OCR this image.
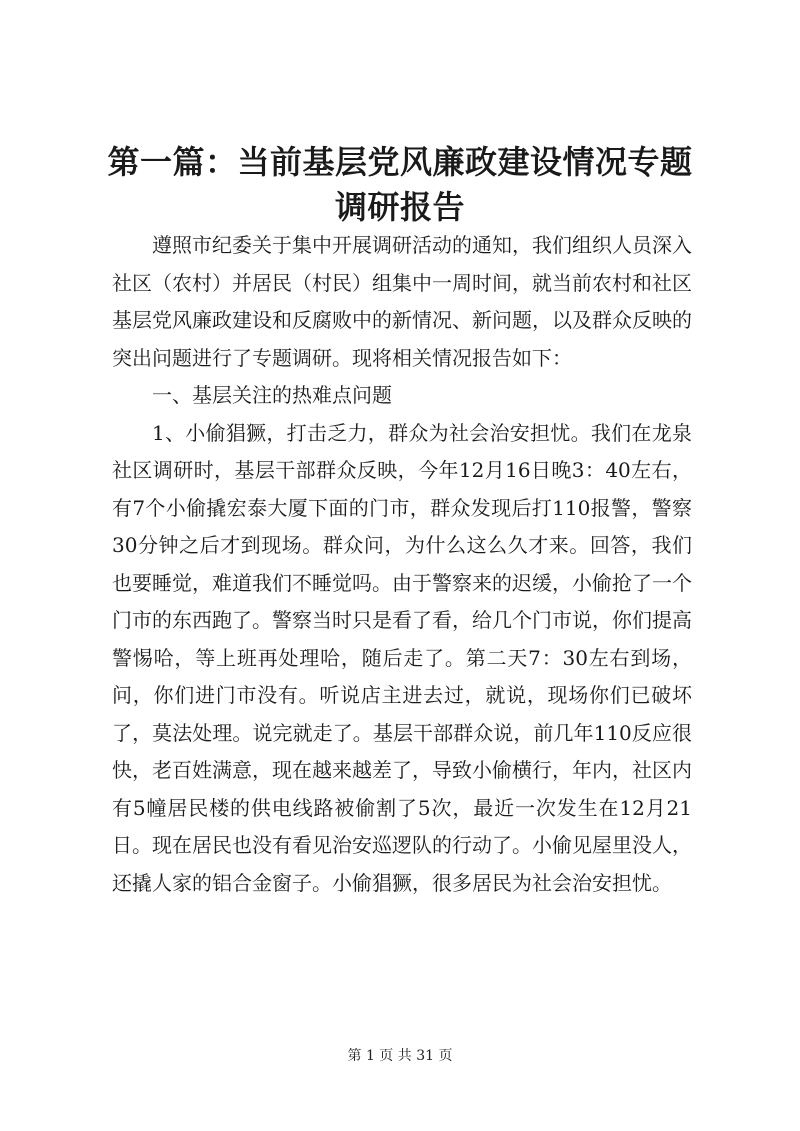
第一篇：当前基层党风廉政建设情况专题调研报告

遵照市纪委关于集中开展调研活动的通知，我们组织人员深入社区（农村）并居民（村民）组集中一周时间，就当前农村和社区基层党风廉政建设和反腐败中的新情况、新问题，以及群众反映的突出问题进行了专题调研。现将相关情况报告如下：

一、基层关注的热难点问题

1、小偷猖獗，打击乏力，群众为社会治安担忧。我们在龙泉社区调研时，基层干部群众反映，今年12月16日晚3：40左右，有7个小偷撬宏泰大厦下面的门市，群众发现后打110报警，警察30分钟之后才到现场。群众问，为什么这么久才来。回答，我们也要睡觉，难道我们不睡觉吗。由于警察来的迟缓，小偷抢了一个门市的东西跑了。警察当时只是看了看，给几个门市说，你们提高警惕哈，等上班再处理哈，随后走了。第二天7：30左右到场，问，你们进门市没有。听说店主进去过，就说，现场你们已破坏了，莫法处理。说完就走了。基层干部群众说，前几年110反应很快，老百姓满意，现在越来越差了，导致小偷横行，年内，社区内有5幢居民楼的供电线路被偷割了5次，最近一次发生在12月21日。现在居民也没有看见治安巡逻队的行动了。小偷见屋里没人，还撬人家的铝合金窗子。小偷猖獗，很多居民为社会治安担忧。

第 1 页 共 31 页
